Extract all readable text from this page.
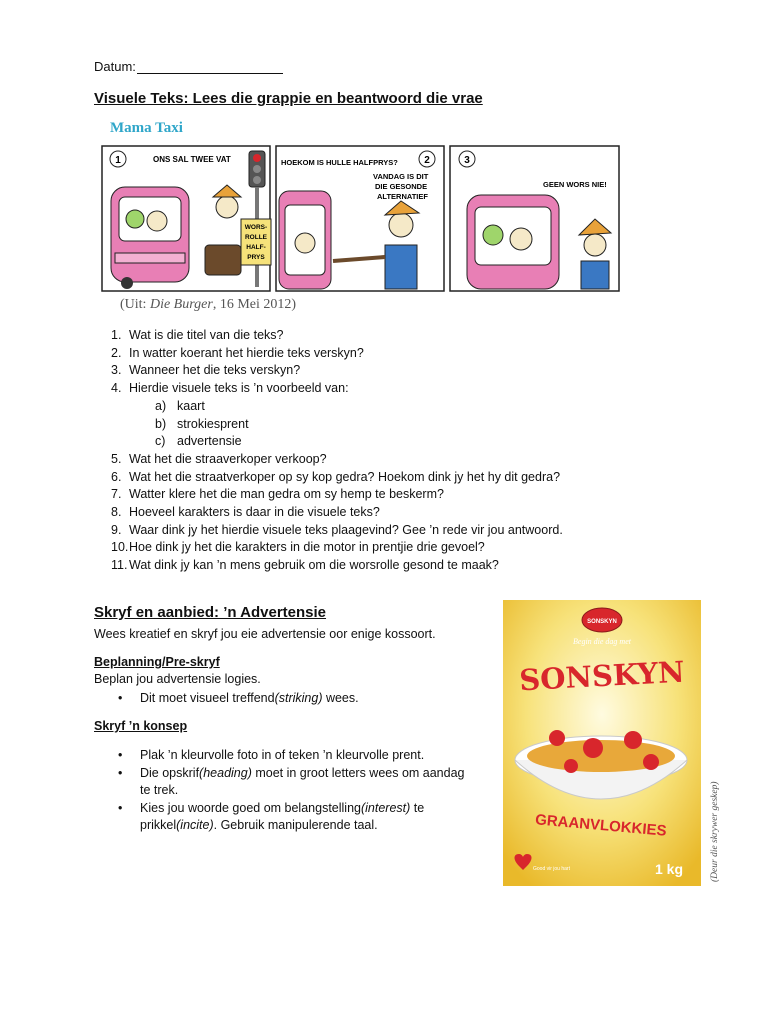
Datum:
Visuele Teks: Lees die grappie en beantwoord die vrae
Mama Taxi
1	ONS SAL TWEE VAT
WORS-
ROLLE
HALF-
PRYS
2
HOEKOM IS HULLE HALFPRYS?
VANDAG IS DIT
DIE GESONDE
ALTERNATIEF
3
GEEN WORS NIE!
(Uit: Die Burger, 16 Mei 2012)
1. Wat is die titel van die teks?
2. In watter koerant het hierdie teks verskyn?
3. Wanneer het die teks verskyn?
4. Hierdie visuele teks is ’n voorbeeld van:
a) kaart
b) strokiesprent
c) advertensie
5. Wat het die straaverkoper verkoop?
6. Wat het die straatverkoper op sy kop gedra? Hoekom dink jy het hy dit gedra?
7. Watter klere het die man gedra om sy hemp te beskerm?
8. Hoeveel karakters is daar in die visuele teks?
9. Waar dink jy het hierdie visuele teks plaagevind? Gee ’n rede vir jou antwoord.
10. Hoe dink jy het die karakters in die motor in prentjie drie gevoel?
11. Wat dink jy kan ’n mens gebruik om die worsrolle gesond te maak?
Skryf en aanbied: ’n Advertensie
Wees kreatief en skryf jou eie advertensie oor enige kossoort.
Beplanning/Pre-skryf
Beplan jou advertensie logies.
• Dit moet visueel treffend(striking) wees.
Skryf ’n konsep
• Plak ’n kleurvolle foto in of teken ’n kleurvolle prent.
• Die opskrif(heading) moet in groot letters wees om aandag
te trek.
• Kies jou woorde goed om belangstelling(interest) te
prikkel(incite). Gebruik manipulerende taal.
SONSKYN
Begin die dag met
SONSKYN
GRAANVLOKKIES
1 kg
Good vir jou hart	(Deur die skrywer geskep)
